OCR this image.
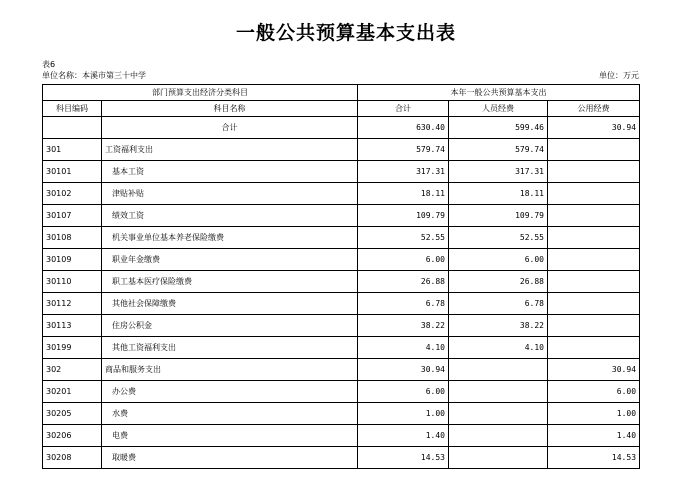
一般公共预算基本支出表
表6
单位名称：本溪市第三十中学	单位：万元
部门预算支出经济分类科目		本年一般公共预算基本支出		
科目编码	科目名称	合计	人员经费	公用经费
	合计	630.40	599.46	30.94
301	工资福利支出	579.74	579.74	
30101	基本工资	317.31	317.31	
30102	津贴补贴	18.11	18.11	
30107	绩效工资	109.79	109.79	
30108	机关事业单位基本养老保险缴费	52.55	52.55	
30109	职业年金缴费	6.00	6.00	
30110	职工基本医疗保险缴费	26.88	26.88	
30112	其他社会保障缴费	6.78	6.78	
30113	住房公积金	38.22	38.22	
30199	其他工资福利支出	4.10	4.10	
302	商品和服务支出	30.94		30.94
30201	办公费	6.00		6.00
30205	水费	1.00		1.00
30206	电费	1.40		1.40
30208	取暖费	14.53		14.53
